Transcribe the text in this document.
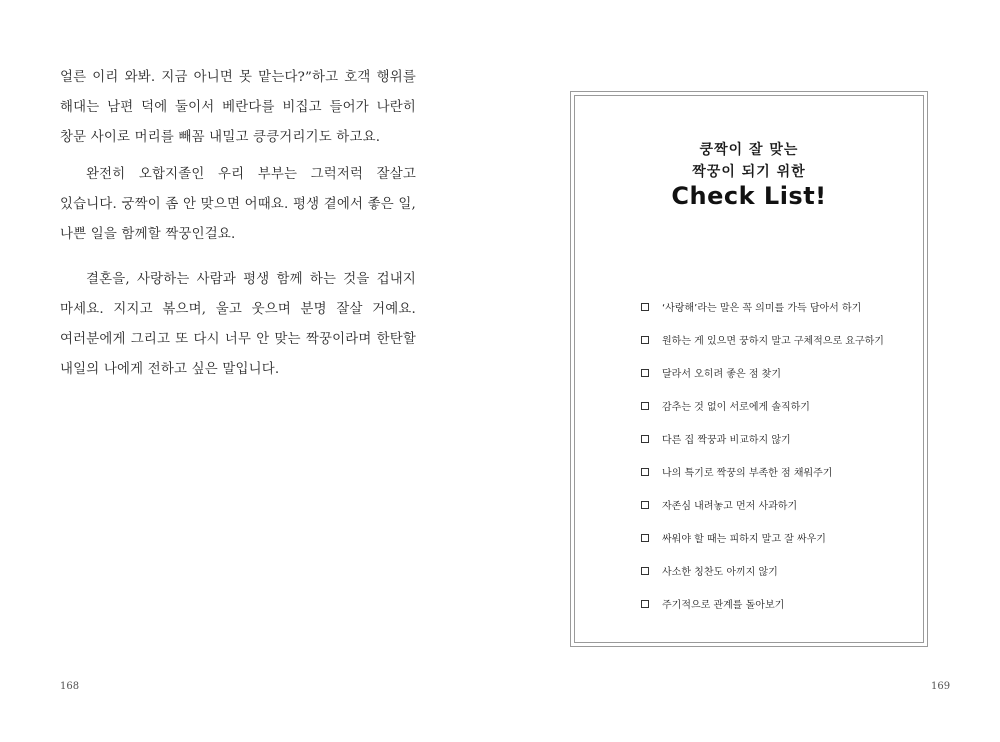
얼른 이리 와봐. 지금 아니면 못 맡는다?”하고 호객 행위를 해대는 남편 덕에 둘이서 베란다를 비집고 들어가 나란히 창문 사이로 머리를 빼꼼 내밀고 킁킁거리기도 하고요.

완전히 오합지졸인 우리 부부는 그럭저럭 잘살고 있습니다. 궁짝이 좀 안 맞으면 어때요. 평생 곁에서 좋은 일, 나쁜 일을 함께할 짝꿍인걸요.

결혼을, 사랑하는 사람과 평생 함께 하는 것을 겁내지 마세요. 지지고 볶으며, 울고 웃으며 분명 잘살 거예요. 여러분에게 그리고 또 다시 너무 안 맞는 짝꿍이라며 한탄할 내일의 나에게 전하고 싶은 말입니다.

168
쿵짝이 잘 맞는
짝꿍이 되기 위한
Check List!
‘사랑해’라는 말은 꼭 의미를 가득 담아서 하기
원하는 게 있으면 꿍하지 말고 구체적으로 요구하기
달라서 오히려 좋은 점 찾기
감추는 것 없이 서로에게 솔직하기
다른 집 짝꿍과 비교하지 않기
나의 특기로 짝꿍의 부족한 점 채워주기
자존심 내려놓고 먼저 사과하기
싸워야 할 때는 피하지 말고 잘 싸우기
사소한 칭찬도 아끼지 않기
주기적으로 관계를 돌아보기
169
